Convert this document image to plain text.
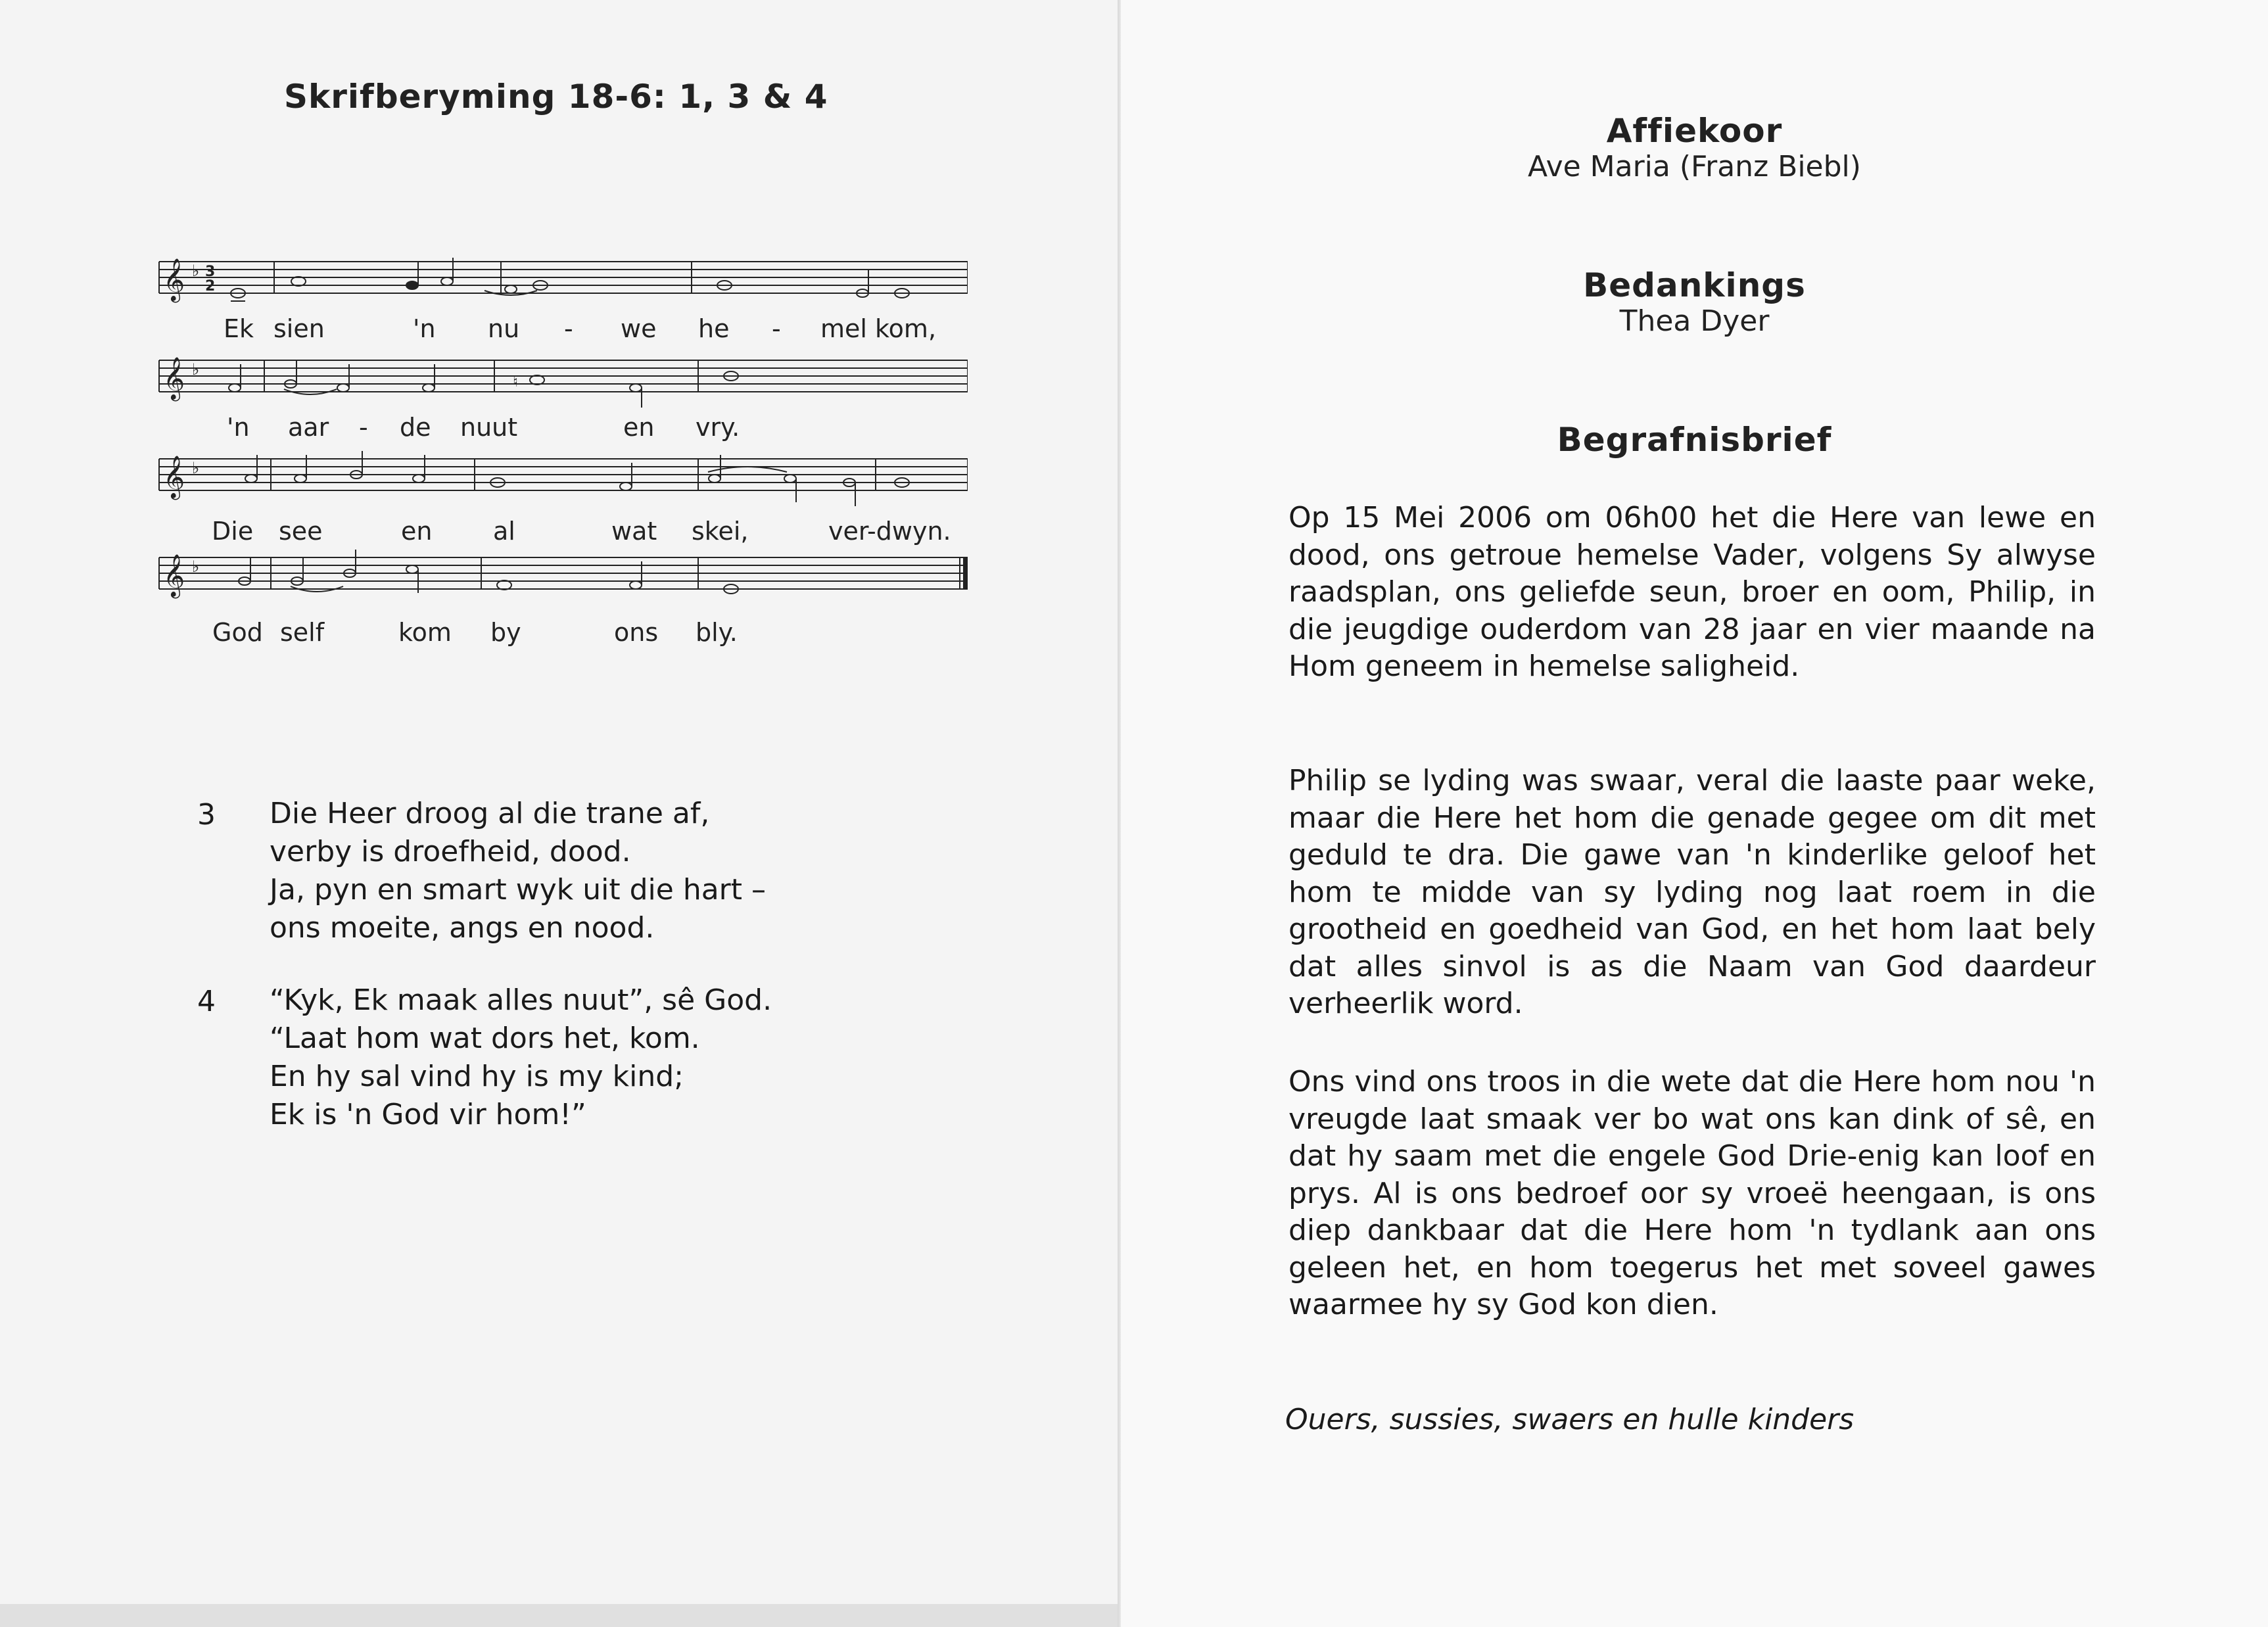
Skrifberyming 18-6: 1, 3 & 4
𝄞 ♭ 3
2
𝄞 ♭
♮
𝄞 ♭
𝄞 ♭
Ek sien	'n nu - we he - mel kom,
'n aar - de nuut	en vry.
Die see	en al	wat skei,	ver-dwyn.
God self	kom by	ons bly.
3 Die Heer droog al die trane af,
verby is droefheid, dood.
Ja, pyn en smart wyk uit die hart –
ons moeite, angs en nood.
4 “Kyk, Ek maak alles nuut”, sê God.
“Laat hom wat dors het, kom.
En hy sal vind hy is my kind;
Ek is 'n God vir hom!”
Affiekoor
Ave Maria (Franz Biebl)
Bedankings
Thea Dyer
Begrafnisbrief

Op 15 Mei 2006 om 06h00 het die Here van lewe en dood, ons getroue hemelse Vader, volgens Sy alwyse raadsplan, ons geliefde seun, broer en oom, Philip, in die jeugdige ouderdom van 28 jaar en vier maande na Hom geneem in hemelse saligheid.

Philip se lyding was swaar, veral die laaste paar weke, maar die Here het hom die genade gegee om dit met geduld te dra. Die gawe van 'n kinderlike geloof het hom te midde van sy lyding nog laat roem in die grootheid en goedheid van God, en het hom laat bely dat alles sinvol is as die Naam van God daardeur verheerlik word.

Ons vind ons troos in die wete dat die Here hom nou 'n vreugde laat smaak ver bo wat ons kan dink of sê, en dat hy saam met die engele God Drie-enig kan loof en prys. Al is ons bedroef oor sy vroeë heengaan, is ons diep dankbaar dat die Here hom 'n tydlank aan ons geleen het, en hom toegerus het met soveel gawes waarmee hy sy God kon dien.

Ouers, sussies, swaers en hulle kinders
